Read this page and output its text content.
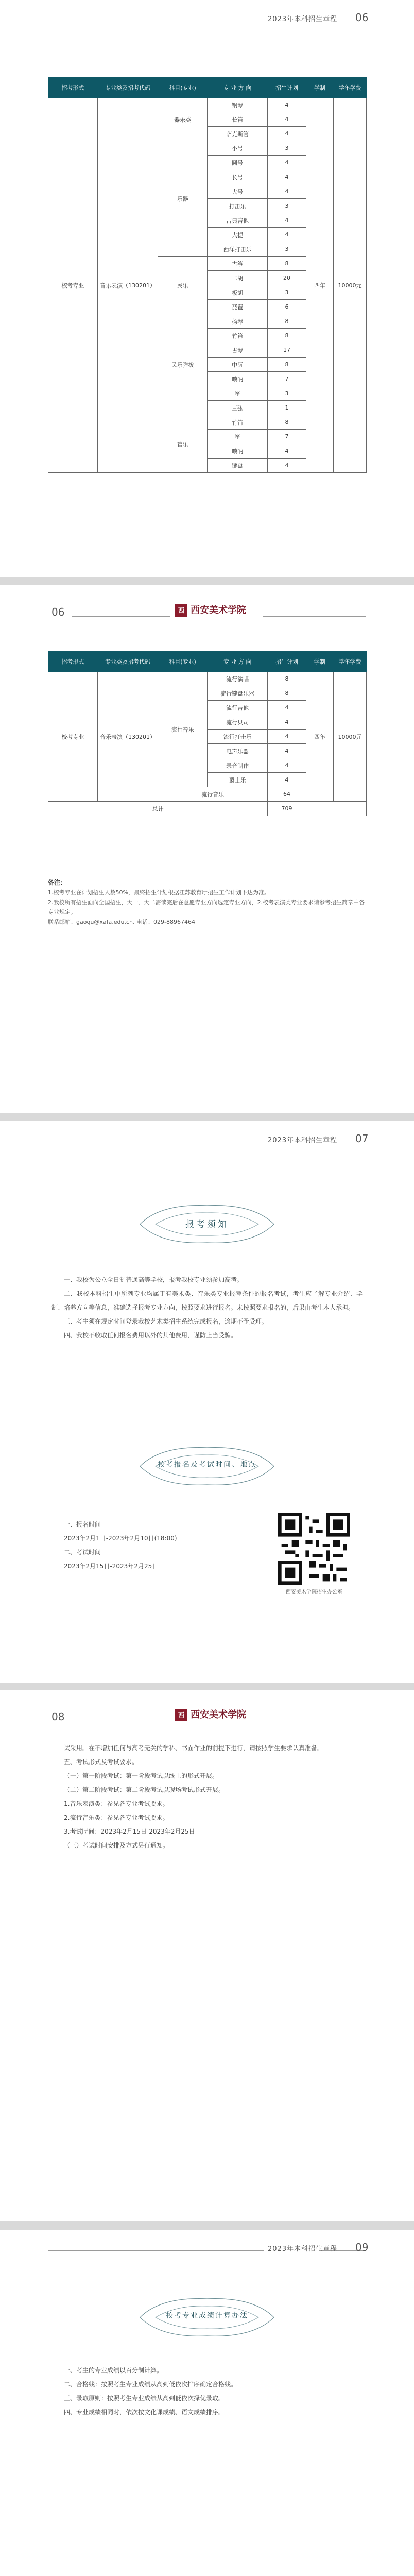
2023年本科招生章程 06
招考形式	专业类及招考代码	科目(专业)	专 业 方 向	招生计划	学制	学年学费
校考专业	音乐表演（130201）	器乐类	钢琴	4	四年	10000元
			长笛	4		
			萨克斯管	4		
		乐器	小号	3		
			圆号	4		
			长号	4		
			大号	4		
			打击乐	3		
			古典吉他	4		
			大提	4		
			西洋打击乐	3		
		民乐	古筝	8		
			二胡	20		
			板胡	3		
			琵琶	6		
		民乐弹拨	扬琴	8		
			竹笛	8		
			古琴	17		
			中阮	8		
			唢呐	7		
			笙	3		
			三弦	1		
		管乐	竹笛	8		
			笙	7		
			唢呐	4		
			键盘	4		
06	西 西安美术学院
招考形式	专业类及招考代码	科目(专业)	专 业 方 向	招生计划	学制	学年学费
校考专业	音乐表演（130201）	流行音乐	流行演唱	8	四年	10000元
			流行键盘乐器	8		
			流行吉他	4		
			流行贝司	4		
			流行打击乐	4		
			电声乐器	4		
			录音制作	4		
			爵士乐	4		
		流行音乐		64		
总计				709		
备注：
1.校考专业在计划招生人数50%，最终招生计划根据江苏教育厅招生工作计划下达为准。
2.我校所有招生面向全国招生，大一、大二需读完后在意愿专业方向选定专业方向，2.校考表演类专业要求请参考招生简章中各专业规定。
联系邮箱：gaoqu@xafa.edu.cn, 电话：029-88967464
2023年本科招生章程 07
报考须知

一、我校为公立全日制普通高等学校，报考我校专业须参加高考。

二、我校本科招生中所列专业均属于有美术类、音乐类专业报考条件的报名考试，考生应了解专业介绍、学制、培养方向等信息，准确选择报考专业方向，按照要求进行报名。未按照要求报名的，后果由考生本人承担。

三、考生须在规定时间登录我校艺术类招生系统完成报名，逾期不予受理。

四、我校不收取任何报名费用以外的其他费用，谨防上当受骗。

校考报名及考试时间、地点

一、报名时间

2023年2月1日-2023年2月10日(18:00)

二、考试时间

2023年2月15日-2023年2月25日

西安美术学院招生办公室
08	西 西安美术学院

试采用。在不增加任何与高考无关的学科、书面作业的前提下进行，请按照学生要求认真准备。

五、考试形式及考试要求。

（一）第一阶段考试：第一阶段考试以线上的形式开展。

（二）第二阶段考试：第二阶段考试以现场考试形式开展。

1.音乐表演类：参见各专业考试要求。

2.流行音乐类：参见各专业考试要求。

3.考试时间：2023年2月15日-2023年2月25日

（三）考试时间安排及方式另行通知。

2023年本科招生章程 09
校考专业成绩计算办法

一、考生的专业成绩以百分制计算。

二、合格线：按照考生专业成绩从高到低依次排序确定合格线。

三、录取原则：按照考生专业成绩从高到低依次择优录取。

四、专业成绩相同时，依次按文化课成绩、语文成绩排序。
